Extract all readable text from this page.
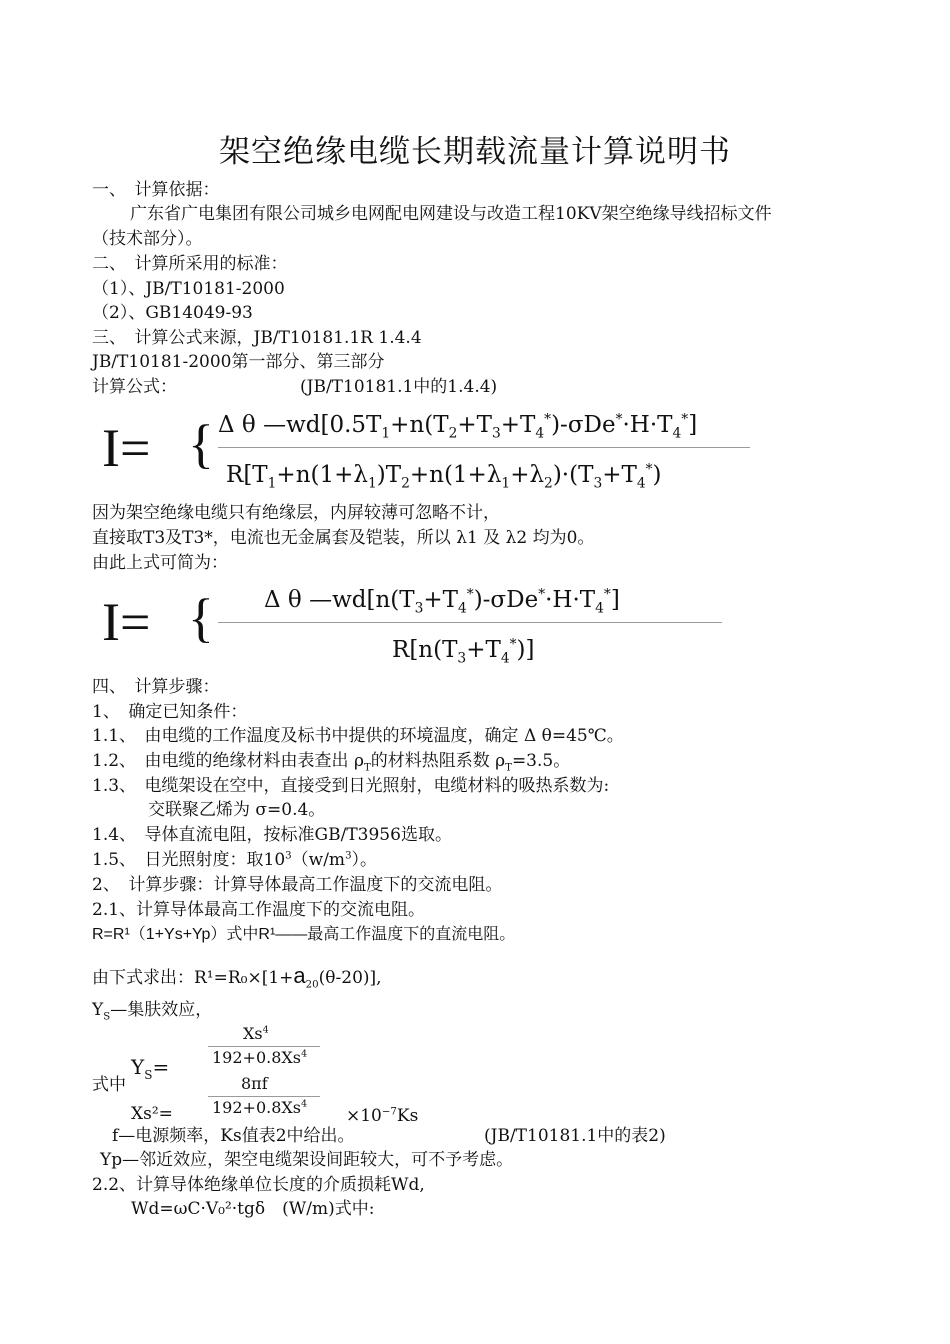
架空绝缘电缆长期载流量计算说明书
一、　计算依据：
广东省广电集团有限公司城乡电网配电网建设与改造工程10KV架空绝缘导线招标文件
（技术部分）。
二、　计算所采用的标准：
（1）、JB/T10181-2000
（2）、GB14049-93
三、　计算公式来源，JB/T10181.1R 1.4.4
JB/T10181-2000第一部分、第三部分
计算公式：	(JB/T10181.1中的1.4.4)
I= { Δ θ $—wd[0.5T_1+n(T_2+T_3+T_4^*)-\sigma De^*\cdot H\cdot T_4^*]$
$R[T_1+n(1+\lambda_1)T_2+n(1+\lambda_1+\lambda_2)\cdot(T_3+T_4^*)$
因为架空绝缘电缆只有绝缘层，内屏较薄可忽略不计，
直接取T3及T3*，电流也无金属套及铠装，所以 λ1 及 λ2 均为0。
由此上式可简为：
I= { Δ θ $—wd[n(T_3+T_4^*)-\sigma De^*\cdot H\cdot T_4^*]$
$R[n(T_3+T_4^*)]$
四、　计算步骤：
1、　确定已知条件：
1.1、　由电缆的工作温度及标书中提供的环境温度，确定 Δ θ=45℃。
1.2、　由电缆的绝缘材料由表查出 $\rho_T$的材料热阻系数 $\rho_T=3.5$。
1.3、　电缆架设在空中，直接受到日光照射，电缆材料的吸热系数为:
交联聚乙烯为 σ=0.4。
1.4、　导体直流电阻，按标准GB/T3956选取。
1.5、　日光照射度：取$10^3(w/m^3)$。
2、　计算步骤：计算导体最高工作温度下的交流电阻。
2.1、计算导体最高工作温度下的交流电阻。
R=R¹（1+Ys+Yp）式中R¹——最高工作温度下的直流电阻。
由下式求出：$R^1=R_0\times[1+a_{20}(\theta-20)]$,
$Y_S—$集肤效应，
Xs$^4$
$192+0.8Xs^4$
$Y_S=$
式中	8πf
$192+0.8Xs^4$
Xs²=	$\times 10^{-7}Ks$
f—电源频率，Ks值表2中给出。	(JB/T10181.1中的表2)
Yp—邻近效应，架空电缆架设间距较大，可不予考虑。
2.2、计算导体绝缘单位长度的介质损耗Wd,
Wd=ωC·V₀²·tgδ　(W/m)式中:
